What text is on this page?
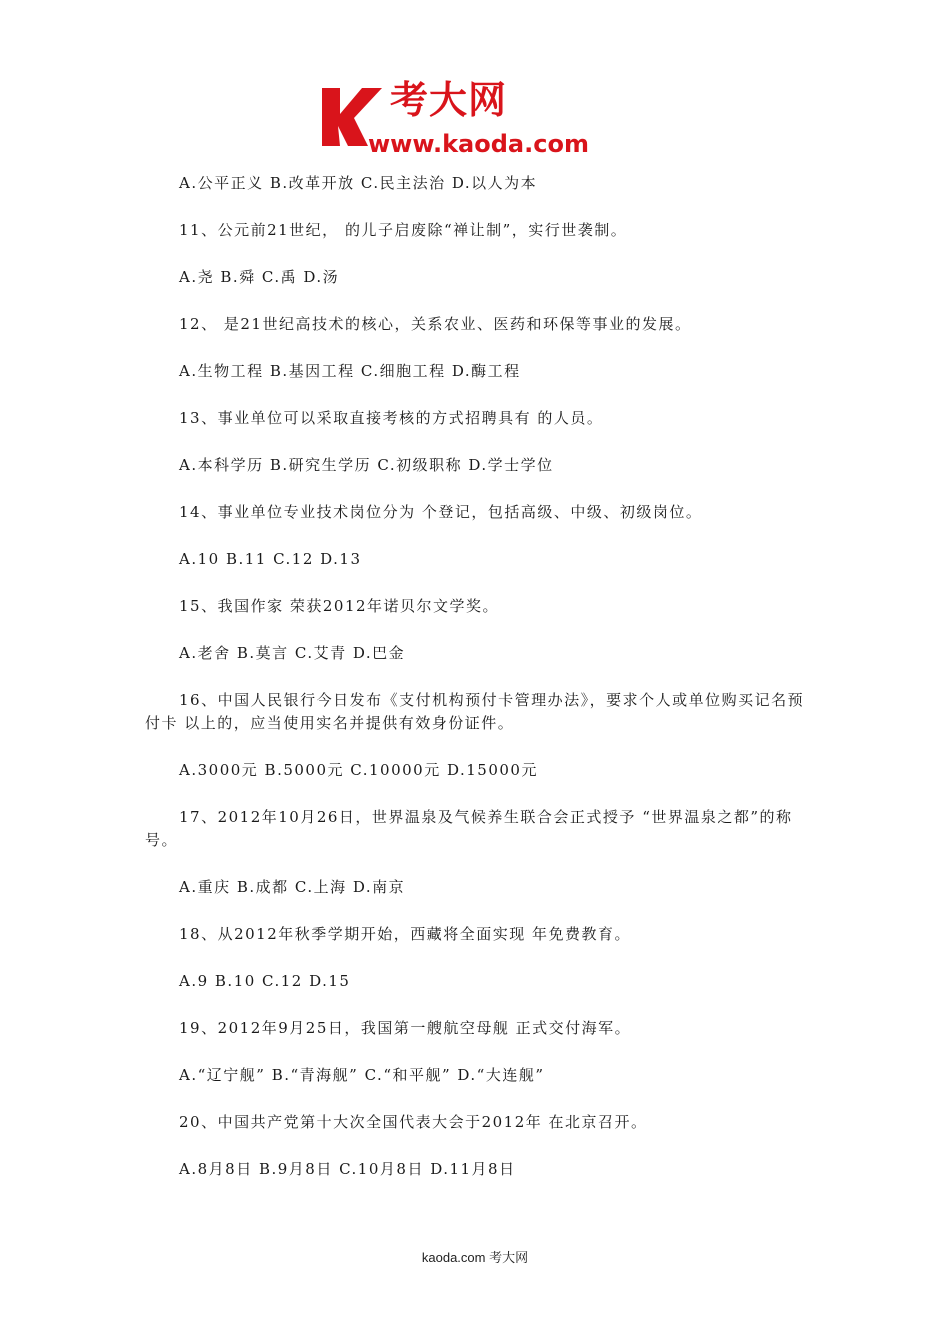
考大网
www.kaoda.com

A.公平正义 B.改革开放 C.民主法治 D.以人为本

11、公元前21世纪， 的儿子启废除“禅让制”，实行世袭制。

A.尧 B.舜 C.禹 D.汤

12、 是21世纪高技术的核心，关系农业、医药和环保等事业的发展。

A.生物工程 B.基因工程 C.细胞工程 D.酶工程

13、事业单位可以采取直接考核的方式招聘具有 的人员。

A.本科学历 B.研究生学历 C.初级职称 D.学士学位

14、事业单位专业技术岗位分为 个登记，包括高级、中级、初级岗位。

A.10 B.11 C.12 D.13

15、我国作家 荣获2012年诺贝尔文学奖。

A.老舍 B.莫言 C.艾青 D.巴金

16、中国人民银行今日发布《支付机构预付卡管理办法》，要求个人或单位购买记名预付卡 以上的，应当使用实名并提供有效身份证件。

A.3000元 B.5000元 C.10000元 D.15000元

17、2012年10月26日，世界温泉及气候养生联合会正式授予 “世界温泉之都”的称号。

A.重庆 B.成都 C.上海 D.南京

18、从2012年秋季学期开始，西藏将全面实现 年免费教育。

A.9 B.10 C.12 D.15

19、2012年9月25日，我国第一艘航空母舰 正式交付海军。

A.“辽宁舰” B.“青海舰” C.“和平舰” D.“大连舰”

20、中国共产党第十大次全国代表大会于2012年 在北京召开。

A.8月8日 B.9月8日 C.10月8日 D.11月8日

kaoda.com 考大网
